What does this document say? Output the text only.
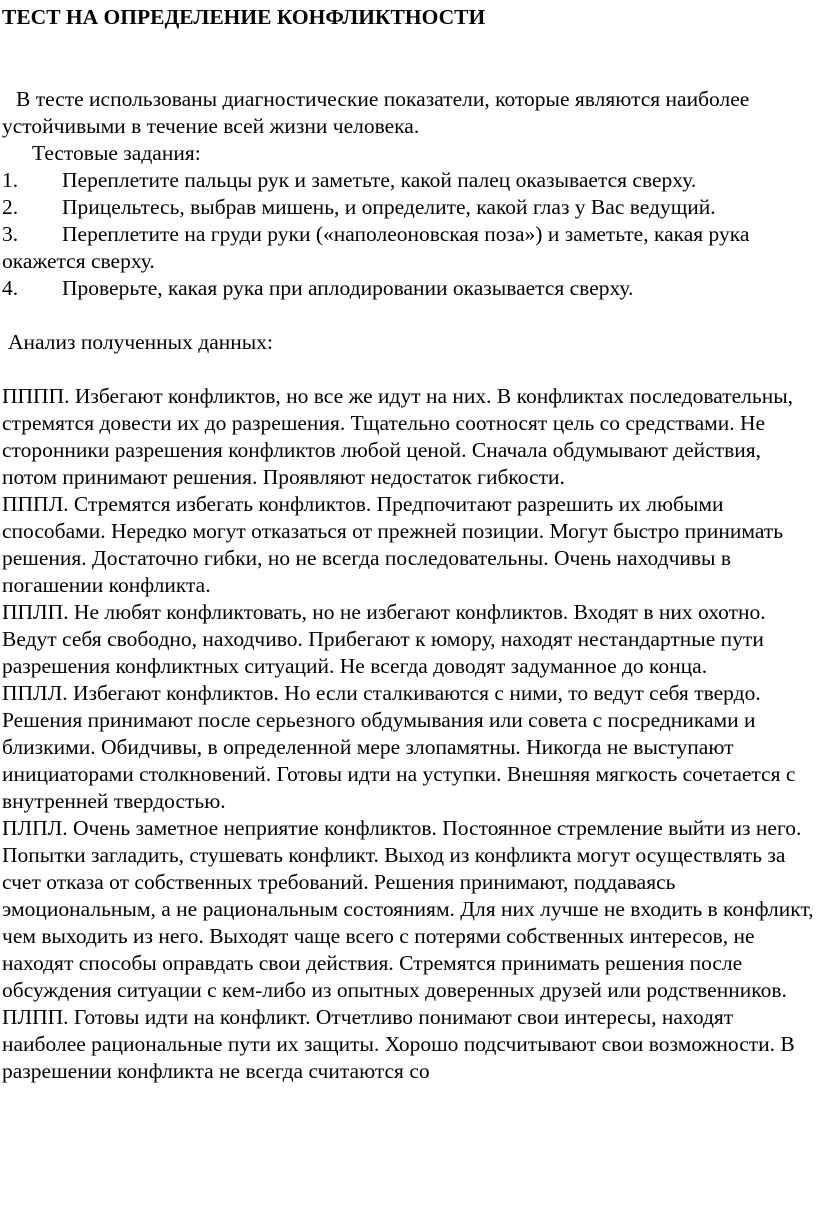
ТЕСТ НА ОПРЕДЕЛЕНИЕ КОНФЛИКТНОСТИ

В тесте использованы диагностические показатели, которые являются наиболее устойчивыми в течение всей жизни человека.

Тестовые задания:

1. Переплетите пальцы рук и заметьте, какой палец оказывается сверху.
2. Прицельтесь, выбрав мишень, и определите, какой глаз у Вас ведущий.
3. Переплетите на груди руки («наполеоновская поза») и заметьте, какая рука окажется сверху.
4. Проверьте, какая рука при аплодировании оказывается сверху.

Анализ полученных данных:

ПППП. Избегают конфликтов, но все же идут на них. В конфликтах последовательны, стремятся довести их до разрешения. Тщательно соотносят цель со средствами. Не сторонники разрешения конфликтов любой ценой. Сначала обдумывают действия, потом принимают решения. Проявляют недостаток гибкости.

ПППЛ. Стремятся избегать конфликтов. Предпочитают разрешить их любыми способами. Нередко могут отказаться от прежней позиции. Могут быстро принимать решения. Достаточно гибки, но не всегда последовательны. Очень находчивы в погашении конфликта.

ППЛП. Не любят конфликтовать, но не избегают конфликтов. Входят в них охотно. Ведут себя свободно, находчиво. Прибегают к юмору, находят нестандартные пути разрешения конфликтных ситуаций. Не всегда доводят задуманное до конца.

ППЛЛ. Избегают конфликтов. Но если сталкиваются с ними, то ведут себя твердо. Решения принимают после серьезного обдумывания или совета с посредниками и близкими. Обидчивы, в определенной мере злопамятны. Никогда не выступают инициаторами столкновений. Готовы идти на уступки. Внешняя мягкость сочетается с внутренней твердостью.

ПЛПЛ. Очень заметное неприятие конфликтов. Постоянное стремление выйти из него. Попытки загладить, стушевать конфликт. Выход из конфликта могут осуществлять за счет отказа от собственных требований. Решения принимают, поддаваясь эмоциональным, а не рациональным состояниям. Для них лучше не входить в конфликт, чем выходить из него. Выходят чаще всего с потерями собственных интересов, не находят способы оправдать свои действия. Стремятся принимать решения после обсуждения ситуации с кем-либо из опытных доверенных друзей или родственников.

ПЛПП. Готовы идти на конфликт. Отчетливо понимают свои интересы, находят наиболее рациональные пути их защиты. Хорошо подсчитывают свои возможности. В разрешении конфликта не всегда считаются со
